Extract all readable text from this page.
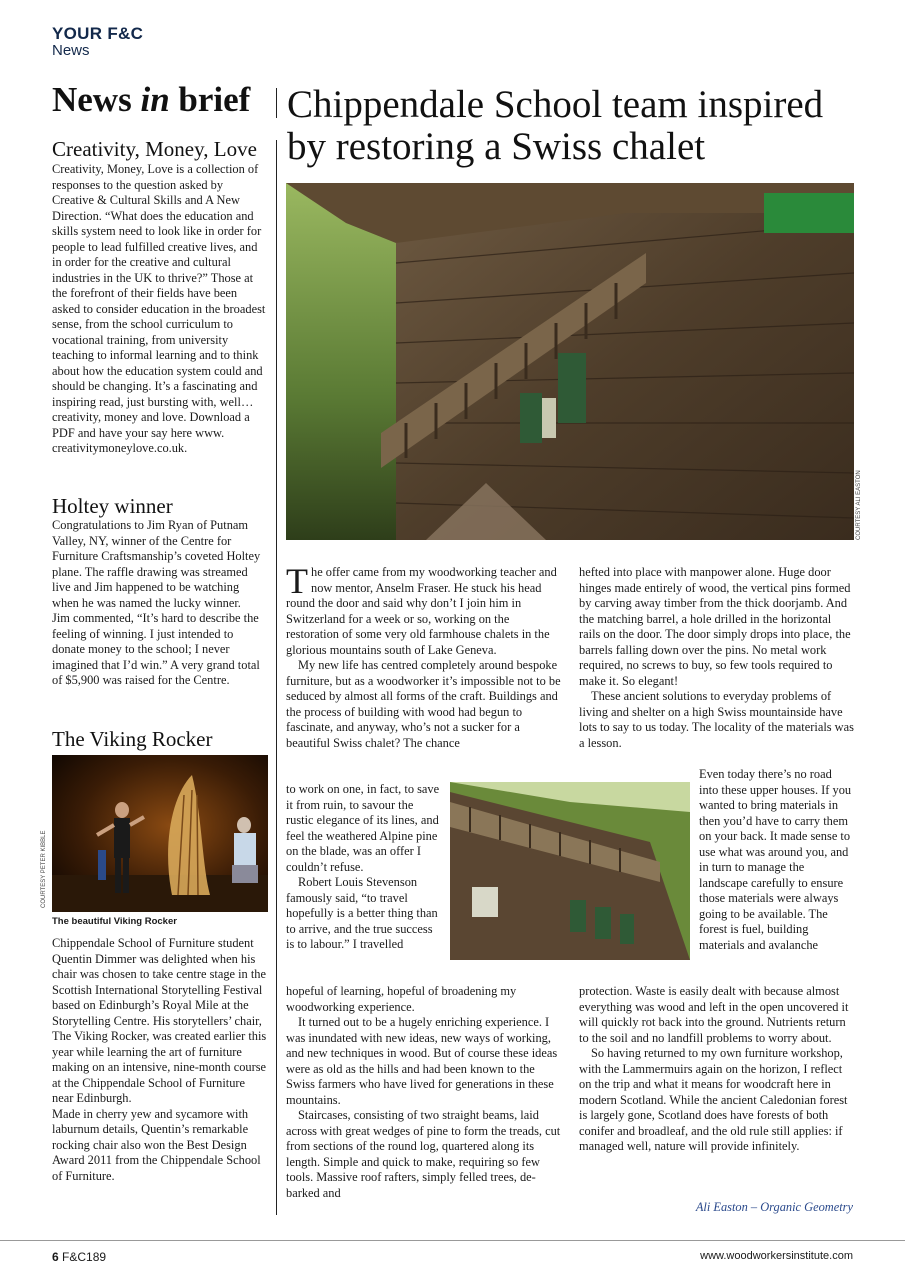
YOUR F&C
News
News in brief
Creativity, Money, Love

Creativity, Money, Love is a collection of responses to the question asked by Creative & Cultural Skills and A New Direction. “What does the education and skills system need to look like in order for people to lead fulfilled creative lives, and in order for the creative and cultural industries in the UK to thrive?” Those at the forefront of their fields have been asked to consider education in the broadest sense, from the school curriculum to vocational training, from university teaching to informal learning and to think about how the education system could and should be changing. It’s a fascinating and inspiring read, just bursting with, well… creativity, money and love. Download a PDF and have your say here www. creativitymoneylove.co.uk.

Holtey winner

Congratulations to Jim Ryan of Putnam Valley, NY, winner of the Centre for Furniture Craftsmanship’s coveted Holtey plane. The raffle drawing was streamed live and Jim happened to be watching when he was named the lucky winner.

Jim commented, “It’s hard to describe the feeling of winning. I just intended to donate money to the school; I never imagined that I’d win.” A very grand total of $5,900 was raised for the Centre.

The Viking Rocker
COURTESY PETER KIBBLE
The beautiful Viking Rocker

Chippendale School of Furniture student Quentin Dimmer was delighted when his chair was chosen to take centre stage in the Scottish International Storytelling Festival based on Edinburgh’s Royal Mile at the Storytelling Centre. His storytellers’ chair, The Viking Rocker, was created earlier this year while learning the art of furniture making on an intensive, nine-month course at the Chippendale School of Furniture near Edinburgh.

Made in cherry yew and sycamore with laburnum details, Quentin’s remarkable rocking chair also won the Best Design Award 2011 from the Chippendale School of Furniture.

Chippendale School team inspired by restoring a Swiss chalet
COURTESY ALI EASTON

The offer came from my woodworking teacher and now mentor, Anselm Fraser. He stuck his head round the door and said why don’t I join him in Switzerland for a week or so, working on the restoration of some very old farmhouse chalets in the glorious mountains south of Lake Geneva.

My new life has centred completely around bespoke furniture, but as a woodworker it’s impossible not to be seduced by almost all forms of the craft. Buildings and the process of building with wood had begun to fascinate, and anyway, who’s not a sucker for a beautiful Swiss chalet? The chance

to work on one, in fact, to save it from ruin, to savour the rustic elegance of its lines, and feel the weathered Alpine pine on the blade, was an offer I couldn’t refuse.

Robert Louis Stevenson famously said, “to travel hopefully is a better thing than to arrive, and the true success is to labour.” I travelled

hopeful of learning, hopeful of broadening my woodworking experience.

It turned out to be a hugely enriching experience. I was inundated with new ideas, new ways of working, and new techniques in wood. But of course these ideas were as old as the hills and had been known to the Swiss farmers who have lived for generations in these mountains.

Staircases, consisting of two straight beams, laid across with great wedges of pine to form the treads, cut from sections of the round log, quartered along its length. Simple and quick to make, requiring so few tools. Massive roof rafters, simply felled trees, de-barked and

hefted into place with manpower alone. Huge door hinges made entirely of wood, the vertical pins formed by carving away timber from the thick doorjamb. And the matching barrel, a hole drilled in the horizontal rails on the door. The door simply drops into place, the barrels falling down over the pins. No metal work required, no screws to buy, so few tools required to make it. So elegant!

These ancient solutions to everyday problems of living and shelter on a high Swiss mountainside have lots to say to us today. The locality of the materials was a lesson.

Even today there’s no road into these upper houses. If you wanted to bring materials in then you’d have to carry them on your back. It made sense to use what was around you, and in turn to manage the landscape carefully to ensure those materials were always going to be available. The forest is fuel, building materials and avalanche

protection. Waste is easily dealt with because almost everything was wood and left in the open uncovered it will quickly rot back into the ground. Nutrients return to the soil and no landfill problems to worry about.

So having returned to my own furniture workshop, with the Lammermuirs again on the horizon, I reflect on the trip and what it means for woodcraft here in modern Scotland. While the ancient Caledonian forest is largely gone, Scotland does have forests of both conifer and broadleaf, and the old rule still applies: if managed well, nature will provide infinitely.

Ali Easton – Organic Geometry
6 F&C189	www.woodworkersinstitute.com
